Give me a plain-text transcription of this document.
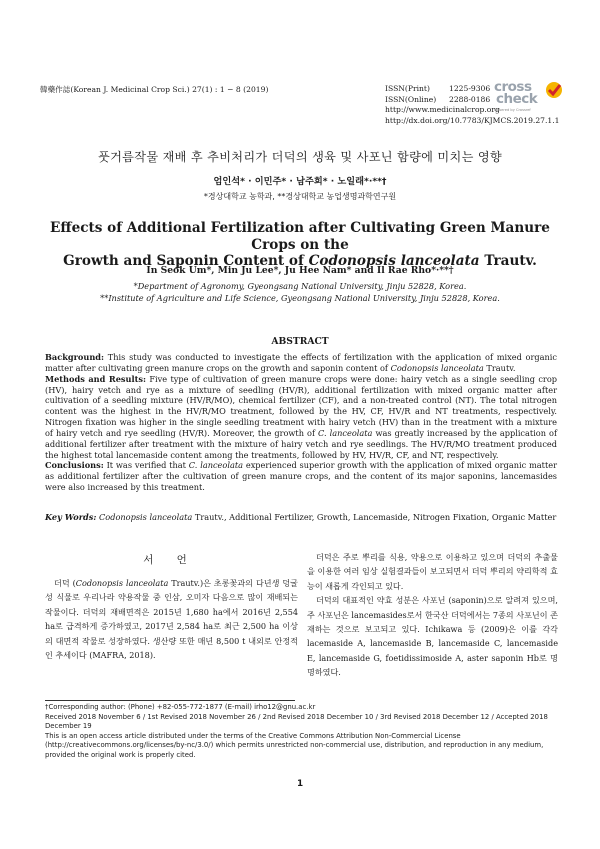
韓藥作誌(Korean J. Medicinal Crop Sci.) 27(1) : 1 − 8 (2019)	ISSN(Print)	1225-9306
ISSN(Online) 2288-0186
http://www.medicinalcrop.org
http://dx.doi.org/10.7783/KJMCS.2019.27.1.1
cross
check
Powered by Crossref
풋거름작물 재배 후 추비처리가 더덕의 생육 및 사포닌 함량에 미치는 영향
엄인석* · 이민주* · 남주희* · 노일래*·**†
*경상대학교 농학과, **경상대학교 농업생명과학연구원
Effects of Additional Fertilization after Cultivating Green Manure Crops on the
Growth and Saponin Content of Codonopsis lanceolata Trautv.
In Seok Um*, Min Ju Lee*, Ju Hee Nam* and Il Rae Rho*·**†
*Department of Agronomy, Gyeongsang National University, Jinju 52828, Korea.
**Institute of Agriculture and Life Science, Gyeongsang National University, Jinju 52828, Korea.
ABSTRACT

Background: This study was conducted to investigate the effects of fertilization with the application of mixed organic matter after cultivating green manure crops on the growth and saponin content of Codonopsis lanceolata Trautv.

Methods and Results: Five type of cultivation of green manure crops were done: hairy vetch as a single seedling crop (HV), hairy vetch and rye as a mixture of seedling (HV/R), additional fertilization with mixed organic matter after cultivation of a seedling mixture (HV/R/MO), chemical fertilizer (CF), and a non-treated control (NT). The total nitrogen content was the highest in the HV/R/MO treatment, followed by the HV, CF, HV/R and NT treatments, respectively. Nitrogen fixation was higher in the single seedling treatment with hairy vetch (HV) than in the treatment with a mixture of hairy vetch and rye seedling (HV/R). Moreover, the growth of C. lanceolata was greatly increased by the application of additional fertilizer after treatment with the mixture of hairy vetch and rye seedlings. The HV/R/MO treatment produced the highest total lancemaside content among the treatments, followed by HV, HV/R, CF, and NT, respectively.

Conclusions: It was verified that C. lanceolata experienced superior growth with the application of mixed organic matter as additional fertilizer after the cultivation of green manure crops, and the content of its major saponins, lancemasides were also increased by this treatment.

Key Words: Codonopsis lanceolata Trautv., Additional Fertilizer, Growth, Lancemaside, Nitrogen Fixation, Organic Matter
서 언

더덕 (Codonopsis lanceolata Trautv.)은 초롱꽃과의 다년생 덩굴성 식물로 우리나라 약용작물 중 인삼, 오미자 다음으로 많이 재배되는 작물이다. 더덕의 재배면적은 2015년 1,680 ha에서 2016년 2,554 ha로 급격하게 증가하였고, 2017년 2,584 ha로 최근 2,500 ha 이상의 대면적 작물로 성장하였다. 생산량 또한 매년 8,500 t 내외로 안정적인 추세이다 (MAFRA, 2018).

더덕은 주로 뿌리를 식용, 약용으로 이용하고 있으며 더덕의 추출물을 이용한 여러 임상 실험결과들이 보고되면서 더덕 뿌리의 약리학적 효능이 새롭게 각인되고 있다.

더덕의 대표적인 약효 성분은 사포닌 (saponin)으로 알려져 있으며, 주 사포닌은 lancemasides로서 한국산 더덕에서는 7종의 사포닌이 존재하는 것으로 보고되고 있다. Ichikawa 등 (2009)은 이를 각각 lacemaside A, lancemaside B, lancemaside C, lancemaside E, lancemaside G, foetidissimoside A, aster saponin Hb로 명명하였다.

†Corresponding author: (Phone) +82-055-772-1877 (E-mail) irho12@gnu.ac.kr

Received 2018 November 6 / 1st Revised 2018 November 26 / 2nd Revised 2018 December 10 / 3rd Revised 2018 December 12 / Accepted 2018 December 19

This is an open access article distributed under the terms of the Creative Commons Attribution Non-Commercial License (http://creativecommons.org/licenses/by-nc/3.0/) which permits unrestricted non-commercial use, distribution, and reproduction in any medium, provided the original work is properly cited.

1
